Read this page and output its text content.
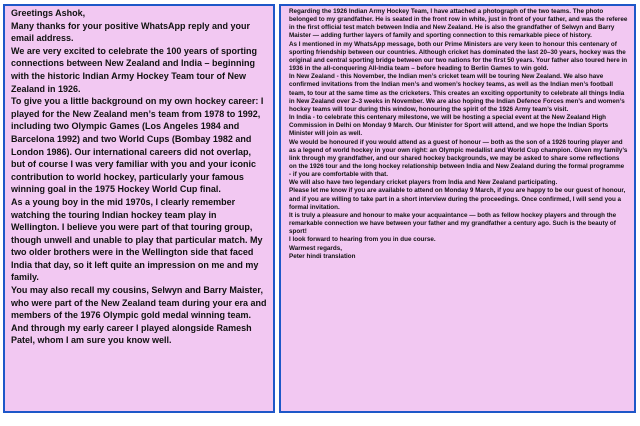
Greetings Ashok,

Many thanks for your positive WhatsApp reply and your email address.

We are very excited to celebrate the 100 years of sporting connections between New Zealand and India – beginning with the historic Indian Army Hockey Team tour of New Zealand in 1926.

To give you a little background on my own hockey career: I played for the New Zealand men’s team from 1978 to 1992, including two Olympic Games (Los Angeles 1984 and Barcelona 1992) and two World Cups (Bombay 1982 and London 1986). Our international careers did not overlap, but of course I was very familiar with you and your iconic contribution to world hockey, particularly your famous winning goal in the 1975 Hockey World Cup final.

As a young boy in the mid 1970s, I clearly remember watching the touring Indian hockey team play in Wellington. I believe you were part of that touring group, though unwell and unable to play that particular match. My two older brothers were in the Wellington side that faced India that day, so it left quite an impression on me and my family.

You may also recall my cousins, Selwyn and Barry Maister, who were part of the New Zealand team during your era and members of the 1976 Olympic gold medal winning team. And through my early career I played alongside Ramesh Patel, whom I am sure you know well.

Regarding the 1926 Indian Army Hockey Team, I have attached a photograph of the two teams. The photo belonged to my grandfather. He is seated in the front row in white, just in front of your father, and was the referee in the first official test match between India and New Zealand. He is also the grandfather of Selwyn and Barry Maister — adding further layers of family and sporting connection to this remarkable piece of history.

As I mentioned in my WhatsApp message, both our Prime Ministers are very keen to honour this centenary of sporting friendship between our countries. Although cricket has dominated the last 20–30 years, hockey was the original and central sporting bridge between our two nations for the first 50 years. Your father also toured here in 1936 in the all-conquering All-India team – before heading to Berlin Games to win gold.

In New Zealand - this November, the Indian men’s cricket team will be touring New Zealand. We also have confirmed invitations from the Indian men’s and women’s hockey teams, as well as the Indian men’s football team, to tour at the same time as the cricketers. This creates an exciting opportunity to celebrate all things India in New Zealand over 2–3 weeks in November. We are also hoping the Indian Defence Forces men’s and women’s hockey teams will tour during this window, honouring the spirit of the 1926 Army team’s visit.

In India - to celebrate this centenary milestone, we will be hosting a special event at the New Zealand High Commission in Delhi on Monday 9 March. Our Minister for Sport will attend, and we hope the Indian Sports Minister will join as well.

We would be honoured if you would attend as a guest of honour — both as the son of a 1926 touring player and as a legend of world hockey in your own right: an Olympic medallist and World Cup champion. Given my family’s link through my grandfather, and our shared hockey backgrounds, we may be asked to share some reflections on the 1926 tour and the long hockey relationship between India and New Zealand during the formal programme - if you are comfortable with that.

We will also have two legendary cricket players from India and New Zealand participating.

Please let me know if you are available to attend on Monday 9 March, if you are happy to be our guest of honour, and if you are willing to take part in a short interview during the proceedings. Once confirmed, I will send you a formal invitation.

It is truly a pleasure and honour to make your acquaintance — both as fellow hockey players and through the remarkable connection we have between your father and my grandfather a century ago. Such is the beauty of sport!

I look forward to hearing from you in due course.

Warmest regards,

Peter hindi translation
